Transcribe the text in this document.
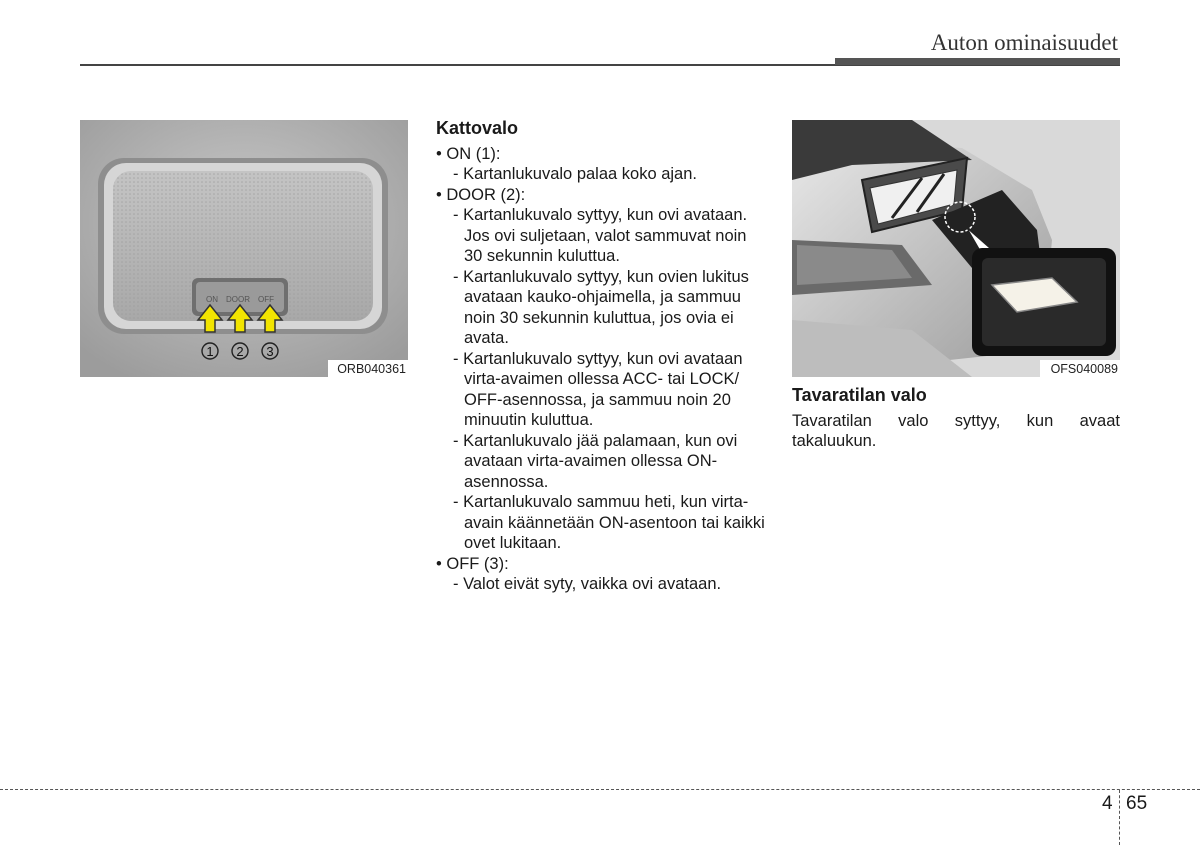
Auton ominaisuudet
ON DOOR OFF
1 2 3
ORB040361
Kattovalo
• ON (1):
- Kartanlukuvalo palaa koko ajan.
• DOOR (2):
- Kartanlukuvalo syttyy, kun ovi avataan. Jos ovi suljetaan, valot sammuvat noin 30 sekunnin kuluttua.
- Kartanlukuvalo syttyy, kun ovien lukitus avataan kauko-ohjaimella, ja sammuu noin 30 sekunnin kuluttua, jos ovia ei avata.
- Kartanlukuvalo syttyy, kun ovi avataan virta-avaimen ollessa ACC- tai LOCK/ OFF-asennossa, ja sammuu noin 20 minuutin kuluttua.
- Kartanlukuvalo jää palamaan, kun ovi avataan virta-avaimen ollessa ON-asennossa.
- Kartanlukuvalo sammuu heti, kun virta-avain käännetään ON-asentoon tai kaikki ovet lukitaan.
• OFF (3):
- Valot eivät syty, vaikka ovi avataan.
OFS040089
Tavaratilan valo
Tavaratilan valo syttyy, kun avaat takaluukun.
4 65
